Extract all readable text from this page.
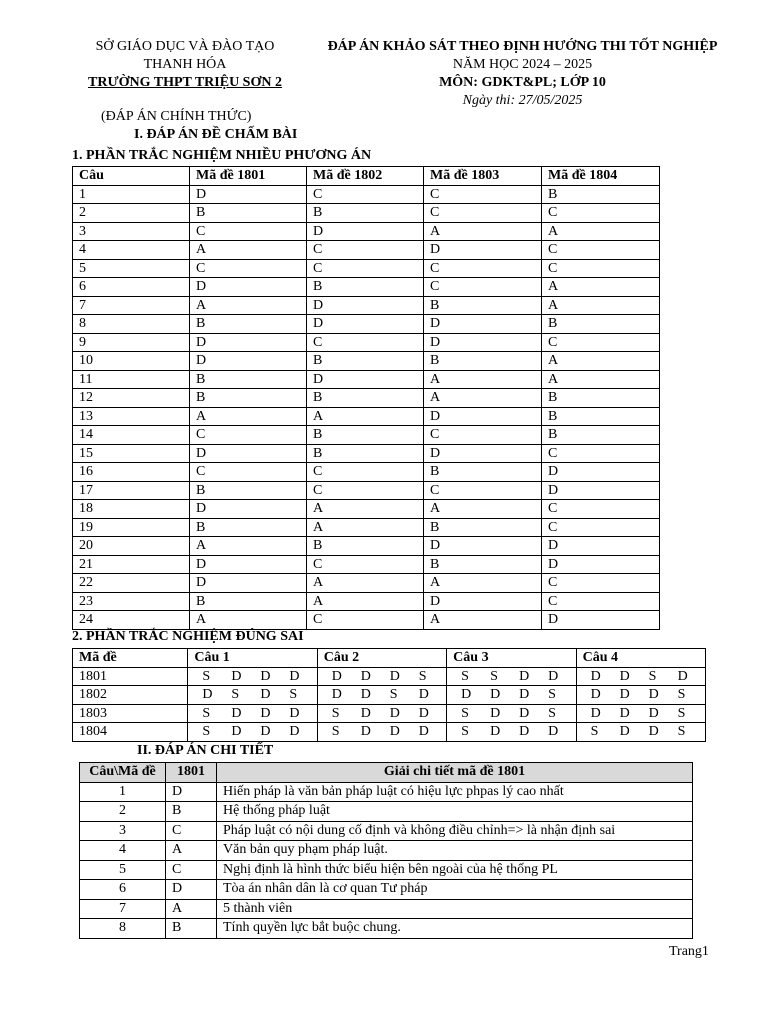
SỞ GIÁO DỤC VÀ ĐÀO TẠO
THANH HÓA
TRƯỜNG THPT TRIỆU SƠN 2
ĐÁP ÁN KHẢO SÁT THEO ĐỊNH HƯỚNG THI TỐT NGHIỆP
NĂM HỌC 2024 – 2025
MÔN: GDKT&PL; LỚP 10
Ngày thi: 27/05/2025
(ĐÁP ÁN CHÍNH THỨC)
I. ĐÁP ÁN ĐỀ CHẤM BÀI
1. PHẦN TRẮC NGHIỆM NHIỀU PHƯƠNG ÁN
Câu	Mã đề 1801	Mã đề 1802	Mã đề 1803	Mã đề 1804
1	D	C	C	B
2	B	B	C	C
3	C	D	A	A
4	A	C	D	C
5	C	C	C	C
6	D	B	C	A
7	A	D	B	A
8	B	D	D	B
9	D	C	D	C
10	D	B	B	A
11	B	D	A	A
12	B	B	A	B
13	A	A	D	B
14	C	B	C	B
15	D	B	D	C
16	C	C	B	D
17	B	C	C	D
18	D	A	A	C
19	B	A	B	C
20	A	B	D	D
21	D	C	B	D
22	D	A	A	C
23	B	A	D	C
24	A	C	A	D
2. PHẦN TRẮC NGHIỆM ĐÚNG SAI
Mã đề	Câu 1	Câu 2	Câu 3	Câu 4
1801	S D D D	D D D S	S S D D	D D S D
1802	D S D S	D D S D	D D D S	D D D S
1803	S D D D	S D D D	S D D S	D D D S
1804	S D D D	S D D D	S D D D	S D D S
II. ĐÁP ÁN CHI TIẾT
Câu\Mã đề	1801	Giải chi tiết mã đề 1801
1	D	Hiến pháp là văn bản pháp luật có hiệu lực phpas lý cao nhất
2	B	Hệ thống pháp luật
3	C	Pháp luật có nội dung cố định và không điều chỉnh=> là nhận định sai
4	A	Văn bản quy phạm pháp luật.
5	C	Nghị định là hình thức biểu hiện bên ngoài của hệ thống PL
6	D	Tòa án nhân dân là cơ quan Tư pháp
7	A	5 thành viên
8	B	Tính quyền lực bắt buộc chung.
Trang1
